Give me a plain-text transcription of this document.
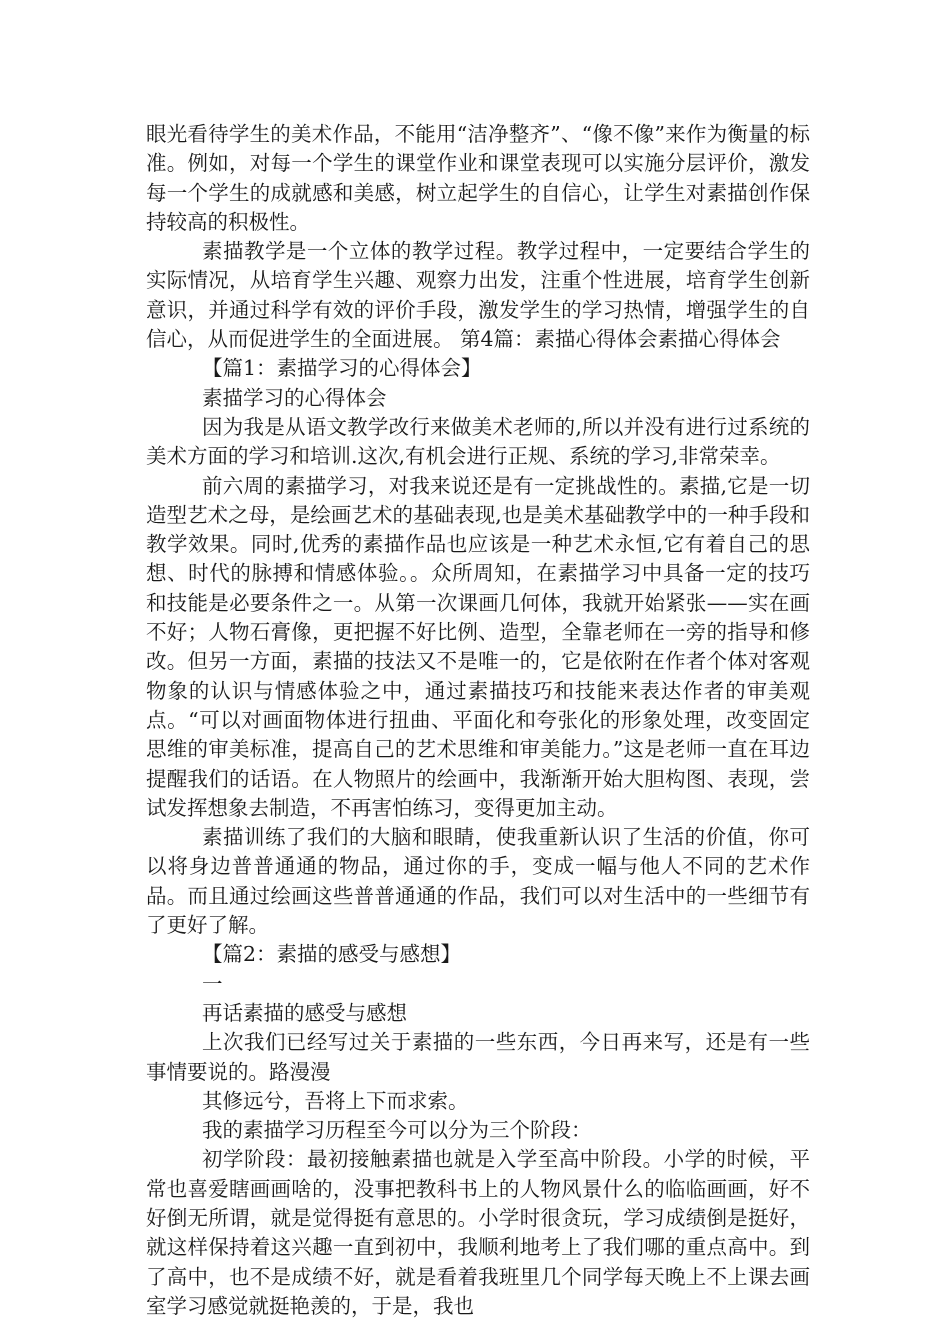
眼光看待学生的美术作品，不能用“洁净整齐”、“像不像”来作为衡量的标准。例如，对每一个学生的课堂作业和课堂表现可以实施分层评价，激发每一个学生的成就感和美感，树立起学生的自信心，让学生对素描创作保持较高的积极性。

素描教学是一个立体的教学过程。教学过程中，一定要结合学生的实际情况，从培育学生兴趣、观察力出发，注重个性进展，培育学生创新意识，并通过科学有效的评价手段，激发学生的学习热情，增强学生的自信心，从而促进学生的全面进展。 第4篇：素描心得体会素描心得体会

【篇1：素描学习的心得体会】

素描学习的心得体会

因为我是从语文教学改行来做美术老师的,所以并没有进行过系统的美术方面的学习和培训.这次,有机会进行正规、系统的学习,非常荣幸。

前六周的素描学习，对我来说还是有一定挑战性的。素描,它是一切造型艺术之母，是绘画艺术的基础表现,也是美术基础教学中的一种手段和教学效果。同时,优秀的素描作品也应该是一种艺术永恒,它有着自己的思想、时代的脉搏和情感体验。。众所周知，在素描学习中具备一定的技巧和技能是必要条件之一。从第一次课画几何体，我就开始紧张——实在画不好；人物石膏像，更把握不好比例、造型，全靠老师在一旁的指导和修改。但另一方面，素描的技法又不是唯一的，它是依附在作者个体对客观物象的认识与情感体验之中，通过素描技巧和技能来表达作者的审美观点。“可以对画面物体进行扭曲、平面化和夸张化的形象处理，改变固定思维的审美标准，提高自己的艺术思维和审美能力。”这是老师一直在耳边提醒我们的话语。在人物照片的绘画中，我渐渐开始大胆构图、表现，尝试发挥想象去制造，不再害怕练习，变得更加主动。

素描训练了我们的大脑和眼睛，使我重新认识了生活的价值，你可以将身边普普通通的物品，通过你的手，变成一幅与他人不同的艺术作品。而且通过绘画这些普普通通的作品，我们可以对生活中的一些细节有了更好了解。

【篇2：素描的感受与感想】

一

再话素描的感受与感想

上次我们已经写过关于素描的一些东西，今日再来写，还是有一些事情要说的。路漫漫

其修远兮，吾将上下而求索。

我的素描学习历程至今可以分为三个阶段：

初学阶段：最初接触素描也就是入学至高中阶段。小学的时候，平常也喜爱瞎画画啥的，没事把教科书上的人物风景什么的临临画画，好不好倒无所谓，就是觉得挺有意思的。小学时很贪玩，学习成绩倒是挺好，就这样保持着这兴趣一直到初中，我顺利地考上了我们哪的重点高中。到了高中，也不是成绩不好，就是看着我班里几个同学每天晚上不上课去画室学习感觉就挺艳羡的，于是，我也
